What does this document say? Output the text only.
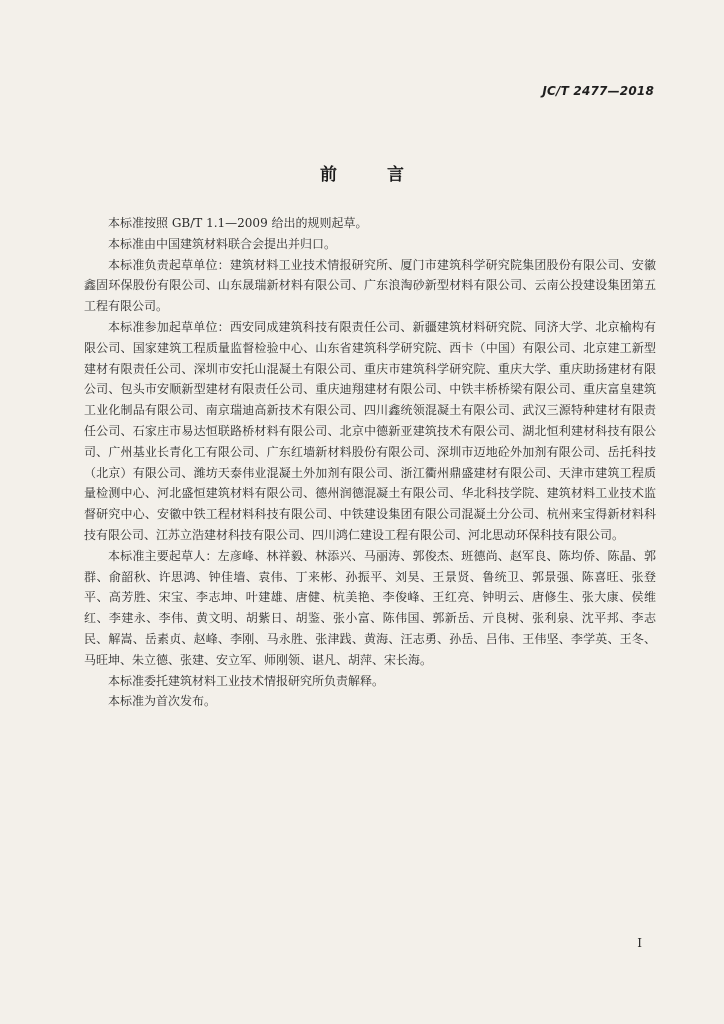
JC/T 2477—2018
前 言

本标准按照 GB/T 1.1—2009 给出的规则起草。

本标准由中国建筑材料联合会提出并归口。

本标准负责起草单位：建筑材料工业技术情报研究所、厦门市建筑科学研究院集团股份有限公司、安徽鑫固环保股份有限公司、山东晟瑞新材料有限公司、广东浪淘砂新型材料有限公司、云南公投建设集团第五工程有限公司。

本标准参加起草单位：西安同成建筑科技有限责任公司、新疆建筑材料研究院、同济大学、北京榆构有限公司、国家建筑工程质量监督检验中心、山东省建筑科学研究院、西卡（中国）有限公司、北京建工新型建材有限责任公司、深圳市安托山混凝土有限公司、重庆市建筑科学研究院、重庆大学、重庆助扬建材有限公司、包头市安顺新型建材有限责任公司、重庆迪翔建材有限公司、中铁丰桥桥梁有限公司、重庆富皇建筑工业化制品有限公司、南京瑞迪高新技术有限公司、四川鑫统领混凝土有限公司、武汉三源特种建材有限责任公司、石家庄市易达恒联路桥材料有限公司、北京中德新亚建筑技术有限公司、湖北恒利建材科技有限公司、广州基业长青化工有限公司、广东红墙新材料股份有限公司、深圳市迈地砼外加剂有限公司、岳托科技（北京）有限公司、潍坊天泰伟业混凝土外加剂有限公司、浙江衢州鼎盛建材有限公司、天津市建筑工程质量检测中心、河北盛恒建筑材料有限公司、德州润德混凝土有限公司、华北科技学院、建筑材料工业技术监督研究中心、安徽中铁工程材料科技有限公司、中铁建设集团有限公司混凝土分公司、杭州来宝得新材料科技有限公司、江苏立浩建材科技有限公司、四川鸿仁建设工程有限公司、河北思动环保科技有限公司。

本标准主要起草人：左彦峰、林祥毅、林添兴、马丽涛、郭俊杰、班德尚、赵军良、陈均侨、陈晶、郭群、俞韶秋、许思鸿、钟佳墙、袁伟、丁来彬、孙振平、刘昊、王景贤、鲁统卫、郭景强、陈喜旺、张登平、高芳胜、宋宝、李志坤、叶建雄、唐健、杭美艳、李俊峰、王红亮、钟明云、唐修生、张大康、侯维红、李建永、李伟、黄文明、胡紫日、胡鉴、张小富、陈伟国、郭新岳、亓良树、张利泉、沈平邦、李志民、解嵩、岳素贞、赵峰、李刚、马永胜、张津践、黄海、汪志勇、孙岳、吕伟、王伟坚、李学英、王冬、马旺坤、朱立德、张建、安立军、师刚领、谌凡、胡萍、宋长海。

本标准委托建筑材料工业技术情报研究所负责解释。

本标准为首次发布。

I
